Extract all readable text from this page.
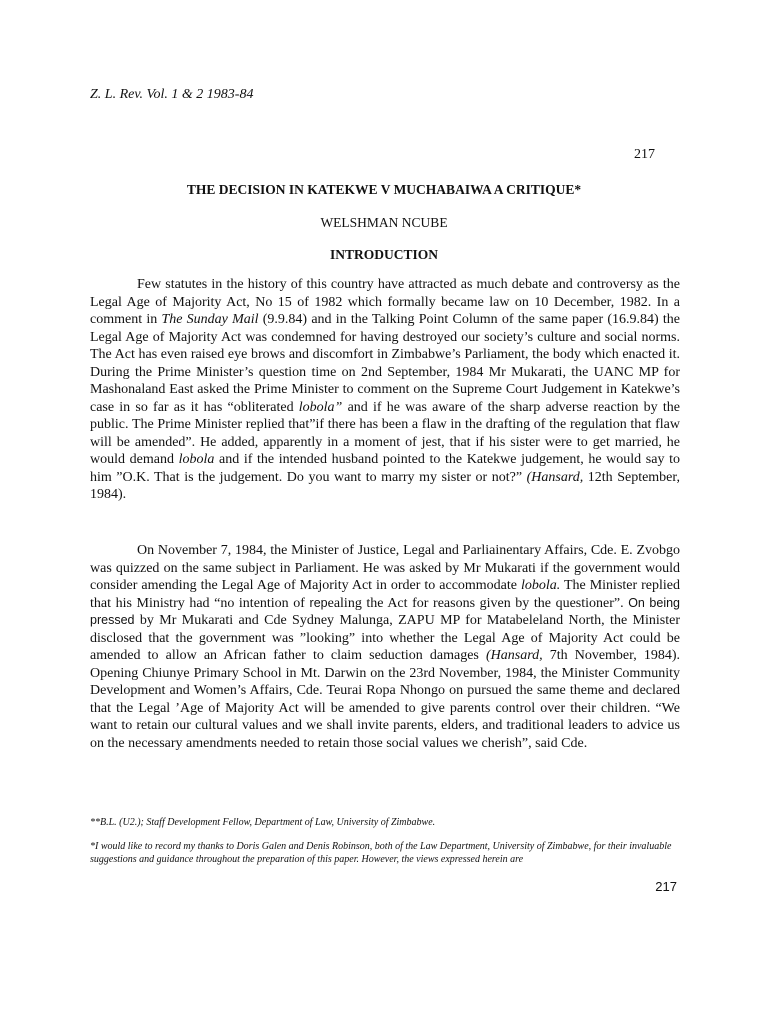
Z. L. Rev. Vol. 1 & 2 1983-84
217
THE DECISION IN KATEKWE V MUCHABAIWA A CRITIQUE*
WELSHMAN NCUBE
INTRODUCTION

Few statutes in the history of this country have attracted as much debate and controversy as the Legal Age of Majority Act, No 15 of 1982 which formally became law on 10 December, 1982. In a comment in The Sunday Mail (9.9.84) and in the Talking Point Column of the same paper (16.9.84) the Legal Age of Majority Act was condemned for having destroyed our society’s culture and social norms. The Act has even raised eye brows and discomfort in Zimbabwe’s Parliament, the body which enacted it. During the Prime Minister’s question time on 2nd September, 1984 Mr Mukarati, the UANC MP for Mashonaland East asked the Prime Minister to comment on the Supreme Court Judgement in Katekwe’s case in so far as it has “obliterated lobola” and if he was aware of the sharp adverse reaction by the public. The Prime Minister replied that”if there has been a flaw in the drafting of the regulation that flaw will be amended”. He added, apparently in a moment of jest, that if his sister were to get married, he would demand lobola and if the intended husband pointed to the Katekwe judgement, he would say to him ”O.K. That is the judgement. Do you want to marry my sister or not?” (Hansard, 12th September, 1984).

On November 7, 1984, the Minister of Justice, Legal and Parliainentary Affairs, Cde. E. Zvobgo was quizzed on the same subject in Parliament. He was asked by Mr Mukarati if the government would consider amending the Legal Age of Majority Act in order to accommodate lobola. The Minister replied that his Ministry had “no intention of repealing the Act for reasons given by the questioner”. On being pressed by Mr Mukarati and Cde Sydney Malunga, ZAPU MP for Matabeleland North, the Minister disclosed that the government was ”looking” into whether the Legal Age of Majority Act could be amended to allow an African father to claim seduction damages (Hansard, 7th November, 1984). Opening Chiunye Primary School in Mt. Darwin on the 23rd November, 1984, the Minister Community Development and Women’s Affairs, Cde. Teurai Ropa Nhongo on pursued the same theme and declared that the Legal ’Age of Majority Act will be amended to give parents control over their children. “We want to retain our cultural values and we shall invite parents, elders, and traditional leaders to advice us on the necessary amendments needed to retain those social values we cherish”, said Cde.

**B.L. (U2.); Staff Development Fellow, Department of Law, University of Zimbabwe.

*I would like to record my thanks to Doris Galen and Denis Robinson, both of the Law Department, University of Zimbabwe, for their invaluable suggestions and guidance throughout the preparation of this paper. However, the views expressed herein are

217
